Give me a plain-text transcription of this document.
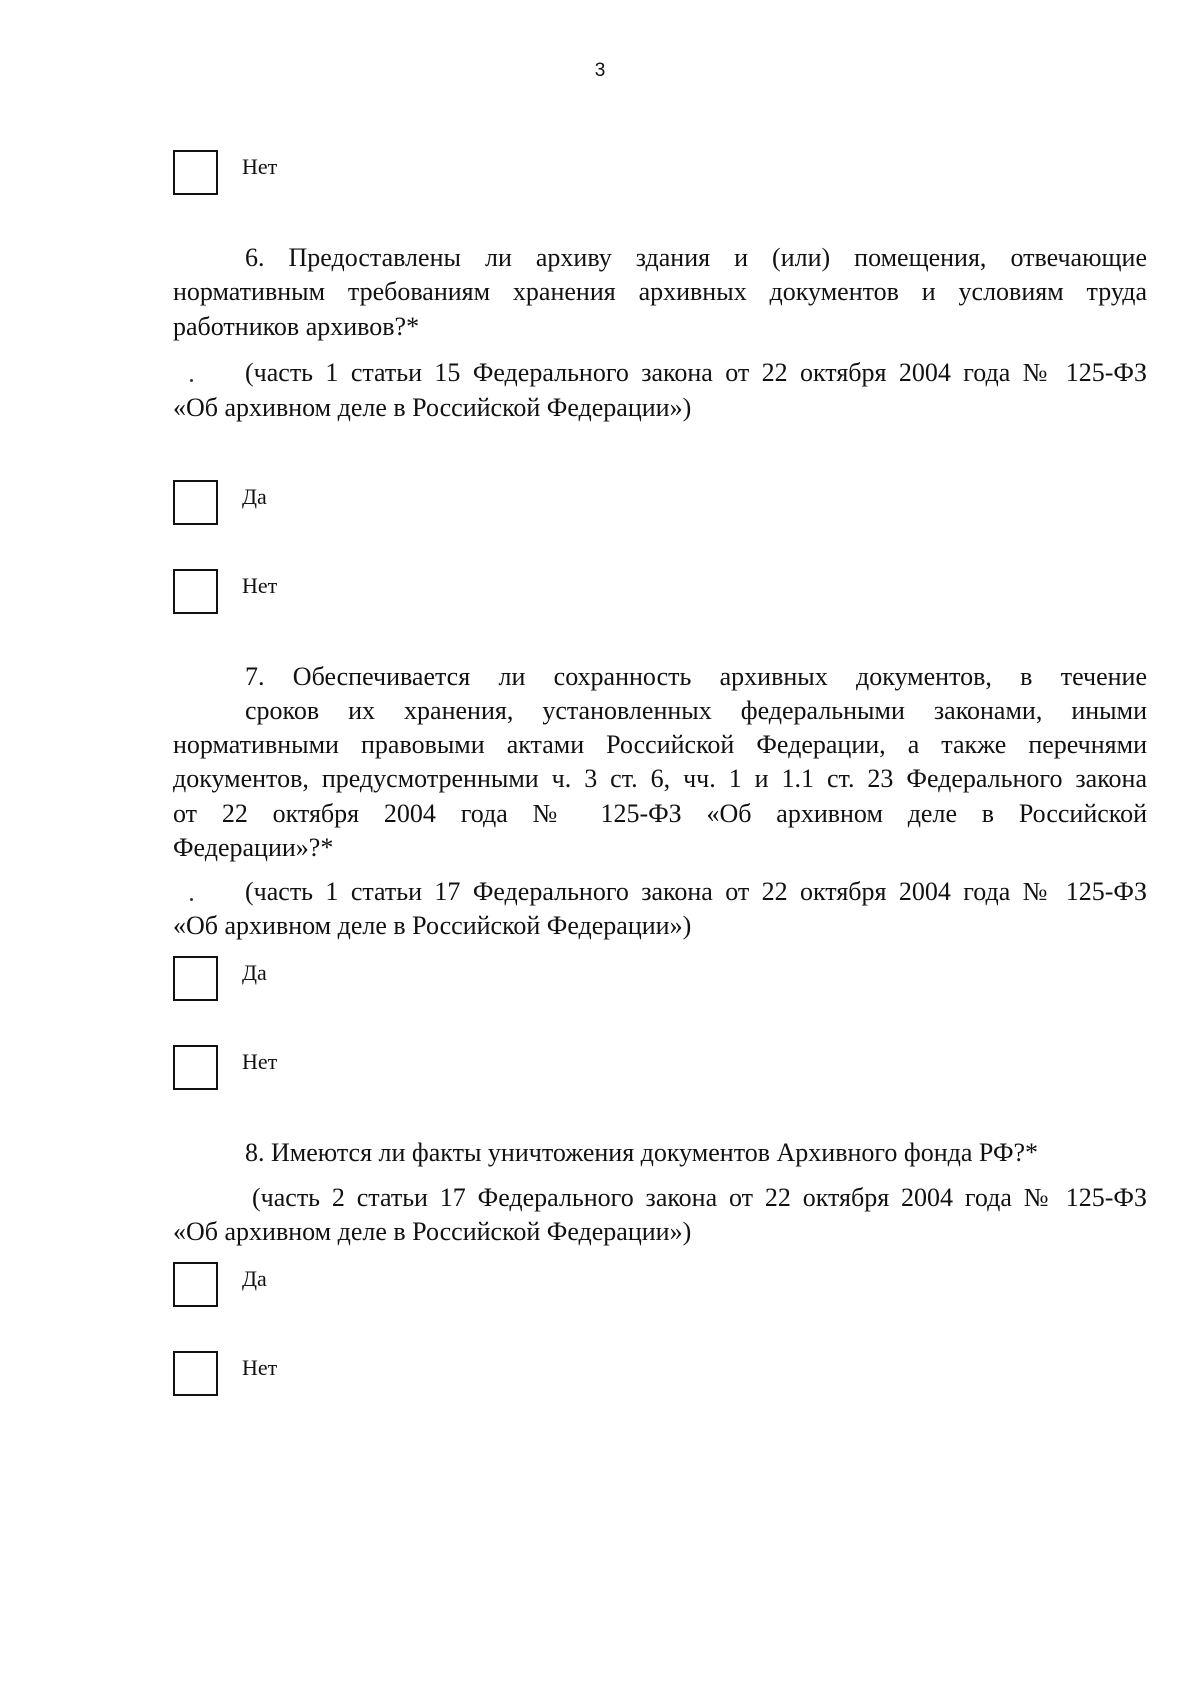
3
Нет
6. Предоставлены ли архиву здания и (или) помещения, отвечающие
нормативным требованиям хранения архивных документов и условиям труда
работников архивов?*
(часть 1 статьи 15 Федерального закона от 22 октября 2004 года № 125-ФЗ
«Об архивном деле в Российской Федерации»)
Да
Нет
7. Обеспечивается ли сохранность архивных документов, в течение
сроков их хранения, установленных федеральными законами, иными
нормативными правовыми актами Российской Федерации, а также перечнями
документов, предусмотренными ч. 3 ст. 6, чч. 1 и 1.1 ст. 23 Федерального закона
от 22 октября 2004 года № 125-ФЗ «Об архивном деле в Российской
Федерации»?*
(часть 1 статьи 17 Федерального закона от 22 октября 2004 года № 125-ФЗ
«Об архивном деле в Российской Федерации»)
Да
Нет
8. Имеются ли факты уничтожения документов Архивного фонда РФ?*
(часть 2 статьи 17 Федерального закона от 22 октября 2004 года № 125-ФЗ
«Об архивном деле в Российской Федерации»)
Да
Нет
